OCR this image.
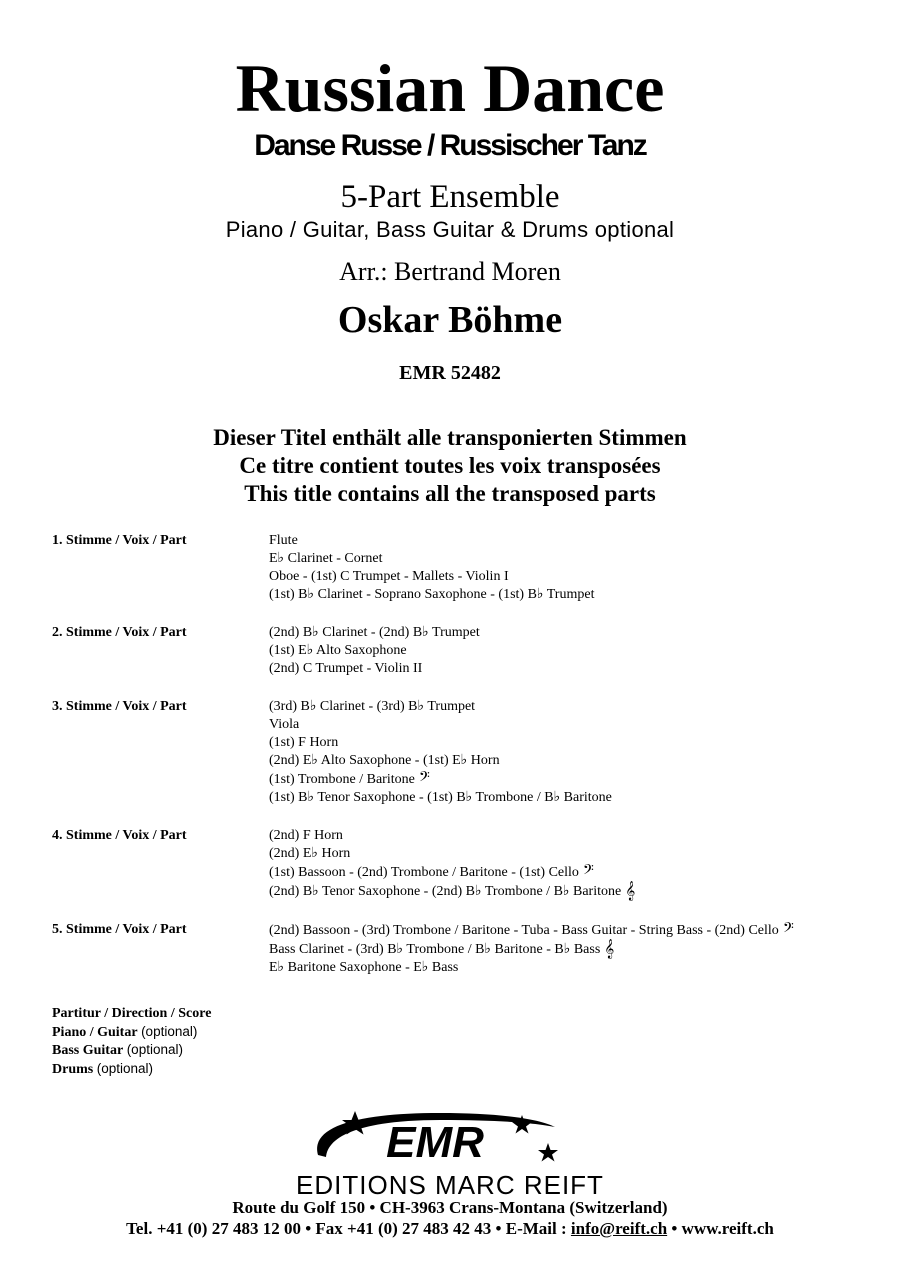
Russian Dance
Danse Russe / Russischer Tanz
5-Part Ensemble
Piano / Guitar, Bass Guitar & Drums optional
Arr.: Bertrand Moren
Oskar Böhme
EMR 52482
Dieser Titel enthält alle transponierten Stimmen
Ce titre contient toutes les voix transposées
This title contains all the transposed parts
1. Stimme / Voix / Part	Flute
E♭ Clarinet - Cornet
Oboe - (1st) C Trumpet - Mallets - Violin I
(1st) B♭ Clarinet - Soprano Saxophone - (1st) B♭ Trumpet
2. Stimme / Voix / Part	(2nd) B♭ Clarinet - (2nd) B♭ Trumpet
(1st) E♭ Alto Saxophone
(2nd) C Trumpet - Violin II
3. Stimme / Voix / Part	(3rd) B♭ Clarinet - (3rd) B♭ Trumpet
Viola
(1st) F Horn
(2nd) E♭ Alto Saxophone - (1st) E♭ Horn
(1st) Trombone / Baritone 𝄢
(1st) B♭ Tenor Saxophone - (1st) B♭ Trombone / B♭ Baritone
4. Stimme / Voix / Part	(2nd) F Horn
(2nd) E♭ Horn
(1st) Bassoon - (2nd) Trombone / Baritone - (1st) Cello 𝄢
(2nd) B♭ Tenor Saxophone - (2nd) B♭ Trombone / B♭ Baritone 𝄞
5. Stimme / Voix / Part	(2nd) Bassoon - (3rd) Trombone / Baritone - Tuba - Bass Guitar - String Bass - (2nd) Cello 𝄢
Bass Clarinet - (3rd) B♭ Trombone / B♭ Baritone - B♭ Bass 𝄞
E♭ Baritone Saxophone - E♭ Bass
Partitur / Direction / Score
Piano / Guitar (optional)
Bass Guitar (optional)
Drums (optional)
EMR
EDITIONS MARC REIFT
Route du Golf 150 • CH-3963 Crans-Montana (Switzerland)
Tel. +41 (0) 27 483 12 00 • Fax +41 (0) 27 483 42 43 • E-Mail : info@reift.ch • www.reift.ch
